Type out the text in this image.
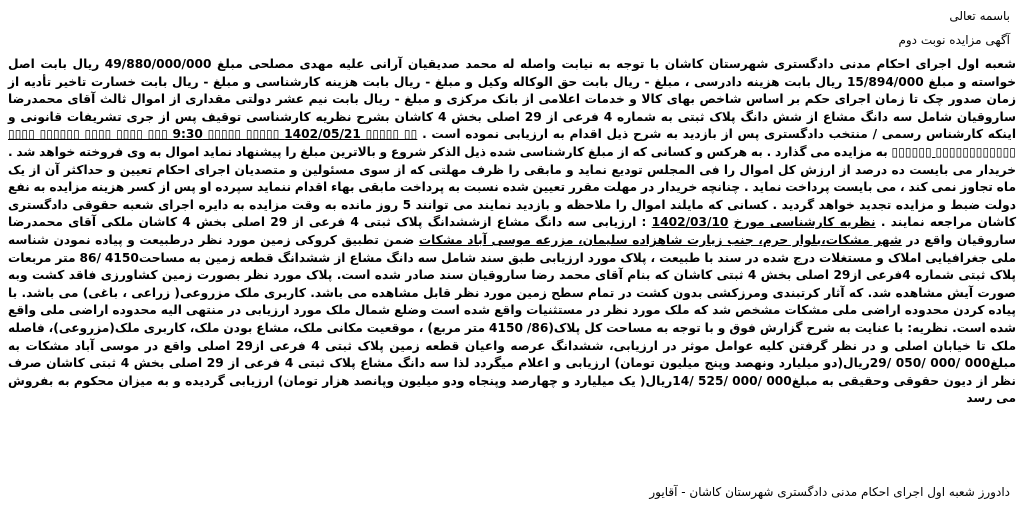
باسمه تعالی
آگهی مزایده نوبت دوم
شعبه اول اجرای احکام مدنی دادگستری شهرستان کاشان با توجه به نیابت واصله له محمد صدیقیان آرانی علیه مهدی مصلحی مبلغ 49/880/000/000 ریال بابت اصل خواسته و مبلغ 15/894/000 ریال بابت هزینه دادرسی ، مبلغ - ریال بابت حق الوکاله وکیل و مبلغ - ریال بابت هزینه کارشناسی و مبلغ - ریال بابت خسارت تاخیر تأدیه از زمان صدور چک تا زمان اجرای حکم بر اساس شاخص بهای کالا و خدمات اعلامی از بانک مرکزی و مبلغ - ریال بابت نیم عشر دولتی مقداری از اموال ثالث آقای محمدرضا ساروقیان شامل سه دانگ مشاع از شش دانگ پلاک ثبتی به شماره 4 فرعی از 29 اصلی بخش 4 کاشان بشرح نظریه کارشناسی توقیف پس از جری تشریفات قانونی و اینکه کارشناس رسمی / منتخب دادگستری پس از بازدید به شرح ذیل اقدام به ارزیابی نموده است . ▯▯ ▯▯▯▯▯ 1402/05/21 ▯▯▯▯▯ ▯▯▯▯▯ 9:30 ▯▯▯ ▯▯▯▯ ▯▯▯▯ ▯▯▯▯▯▯ ▯▯▯▯ ▯▯▯▯▯▯▯▯▯▯▯▯ ▯▯▯▯▯▯ به مزایده می گذارد . به هرکس و کسانی که از مبلغ کارشناسی شده ذیل الذکر شروع و بالاترین مبلغ را پیشنهاد نماید اموال به وی فروخته خواهد شد . خریدار می بایست ده درصد از ارزش کل اموال را فی المجلس تودیع نماید و مابقی را ظرف مهلتی که از سوی مسئولین و متصدیان اجرای احکام تعیین و حداکثر آن از یک ماه تجاوز نمی کند ، می بایست پرداخت نماید . چنانچه خریدار در مهلت مقرر تعیین شده نسبت به پرداخت مابقی بهاء اقدام ننماید سپرده او پس از کسر هزینه مزایده به نفع دولت ضبط و مزایده تجدید خواهد گردید . کسانی که مایلند اموال را ملاحظه و بازدید نمایند می توانند 5 روز مانده به وقت مزایده به دایره اجرای شعبه حقوقی دادگستری کاشان مراجعه نمایند . نظریه کارشناسی مورخ 1402/03/10 : ارزیابی سه دانگ مشاع ازششدانگ پلاک ثبتی 4 فرعی از 29 اصلی بخش 4 کاشان ملکی آقای محمدرضا ساروقیان واقع در شهر مشکات،بلوار حرم، جنب زیارت شاهزاده سلیمان، مزرعه موسی آباد مشکات ضمن تطبیق کروکی زمین مورد نظر درطبیعت و پیاده نمودن شناسه ملی جغرافیایی املاک و مستغلات درج شده در سند با طبیعت ، پلاک مورد ارزیابی طبق سند شامل سه دانگ مشاع از ششدانگ قطعه زمین به مساحت4150 /86 متر مربعات پلاک ثبتی شماره 4فرعی از29 اصلی بخش 4 ثبتی کاشان که بنام آقای محمد رضا ساروقیان سند صادر شده است. پلاک مورد نظر بصورت زمین کشاورزی فاقد کشت وبه صورت آیش مشاهده شد. که آثار کرتبندی ومرزکشی بدون کشت در تمام سطح زمین مورد نظر قابل مشاهده می باشد. کاربری ملک مزروعی( زراعی ، باغی) می باشد. با پیاده کردن محدوده اراضی ملی مشکات مشخص شد که ملک مورد نظر در مستثنیات واقع شده است وضلع شمال ملک مورد ارزیابی در منتهی الیه محدوده اراضی ملی واقع شده است. نظریه: با عنایت به شرح گزارش فوق و با توجه به مساحت کل پلاک(86/ 4150 متر مربع) ، موقعیت مکانی ملک، مشاع بودن ملک، کاربری ملک(مزروعی)، فاصله ملک تا خیابان اصلی و در نظر گرفتن کلیه عوامل موثر در ارزیابی، ششدانگ عرصه واعیان قطعه زمین پلاک ثبتی 4 فرعی از29 اصلی واقع در موسی آباد مشکات به مبلغ000 /000 /050 /29ریال(دو میلیارد ونهصد وپنج میلیون تومان) ارزیابی و اعلام میگردد لذا سه دانگ مشاع پلاک ثبتی 4 فرعی از 29 اصلی بخش 4 ثبتی کاشان صرف نظر از دیون حقوقی وحقیقی به مبلغ000 /000 /525 /14ریال( یک میلیارد و چهارصد وپنجاه ودو میلیون وپانصد هزار تومان) ارزیابی گردیده و به میزان محکوم به بفروش می رسد
دادورز شعبه اول اجرای احکام مدنی دادگستری شهرستان کاشان - آقایور
